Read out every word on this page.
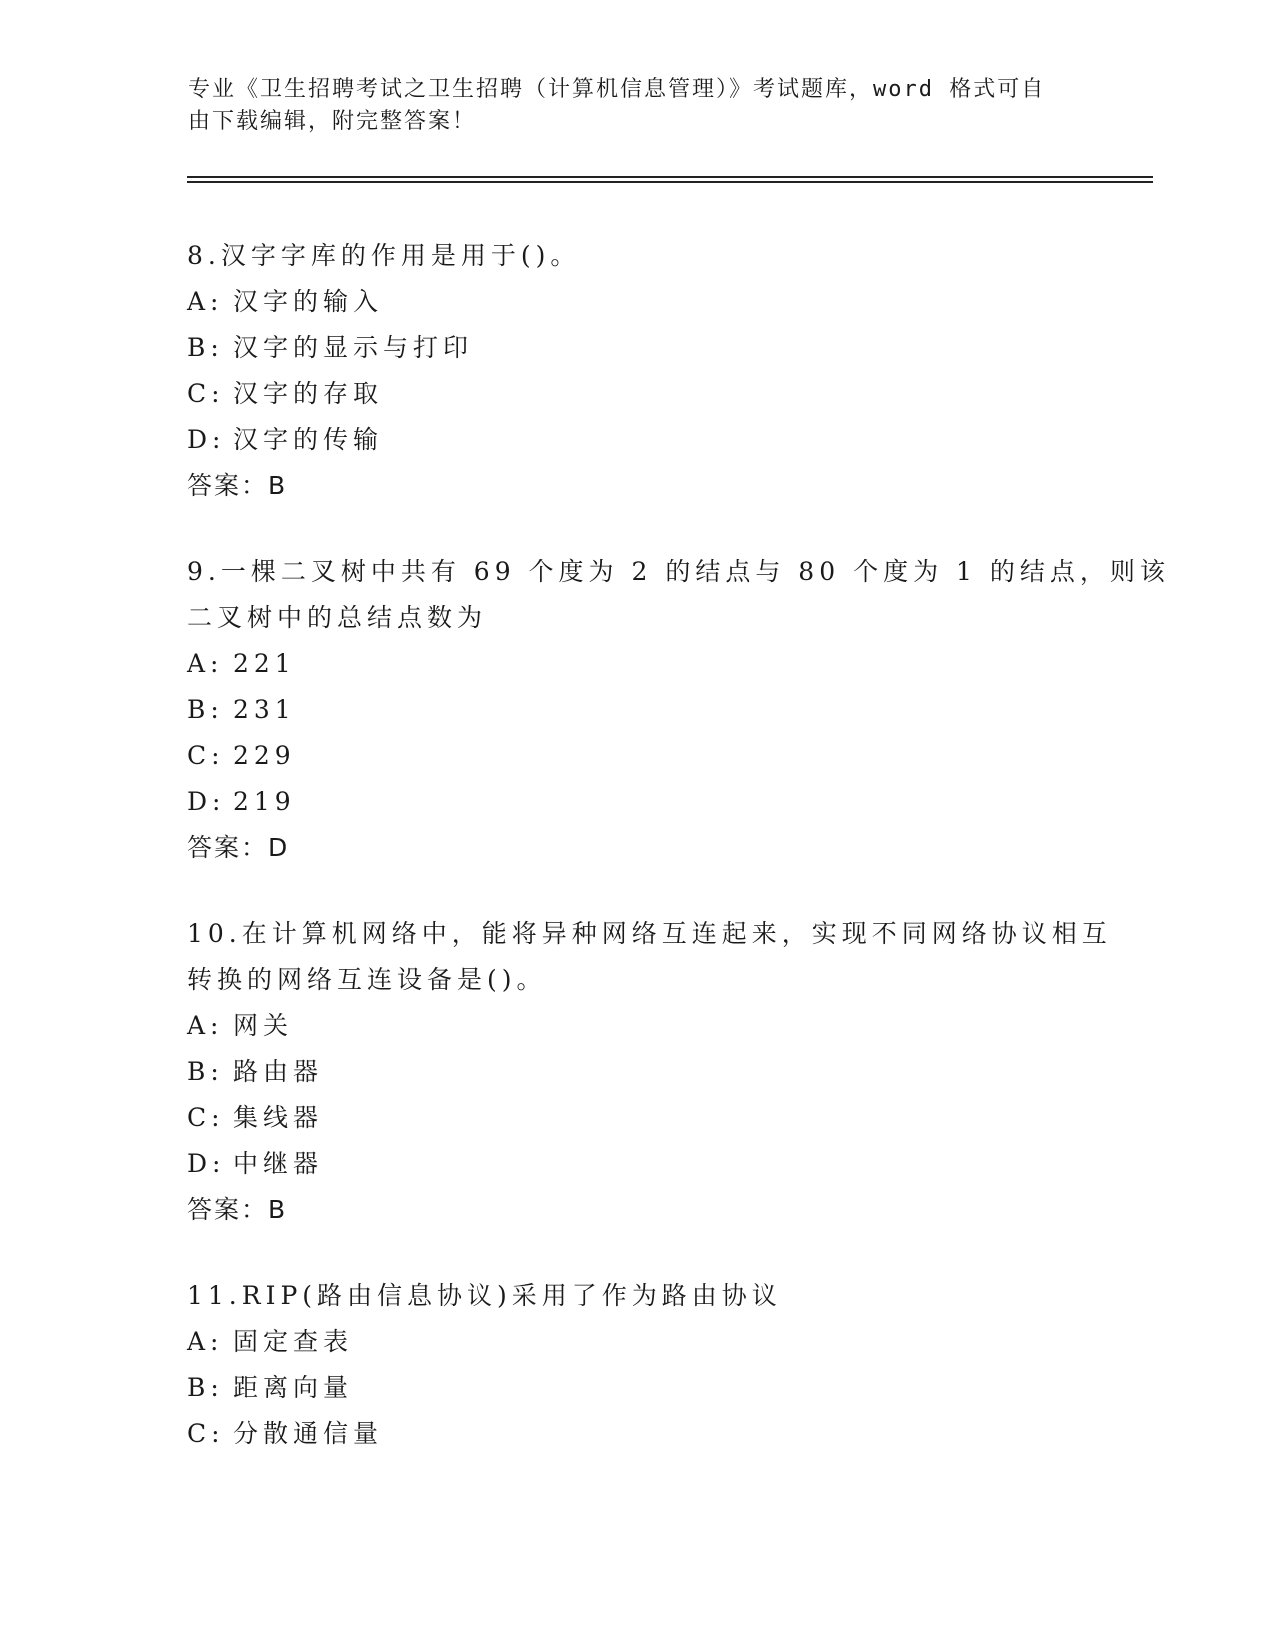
专业《卫生招聘考试之卫生招聘（计算机信息管理）》考试题库，word 格式可自
由下载编辑，附完整答案！
8.汉字字库的作用是用于()。
A: 汉字的输入
B: 汉字的显示与打印
C: 汉字的存取
D: 汉字的传输
答案：B
9.一棵二叉树中共有 69 个度为 2 的结点与 80 个度为 1 的结点，则该
二叉树中的总结点数为
A: 221
B: 231
C: 229
D: 219
答案：D
10.在计算机网络中，能将异种网络互连起来，实现不同网络协议相互
转换的网络互连设备是()。
A: 网关
B: 路由器
C: 集线器
D: 中继器
答案：B
11.RIP(路由信息协议)采用了作为路由协议
A: 固定查表
B: 距离向量
C: 分散通信量
